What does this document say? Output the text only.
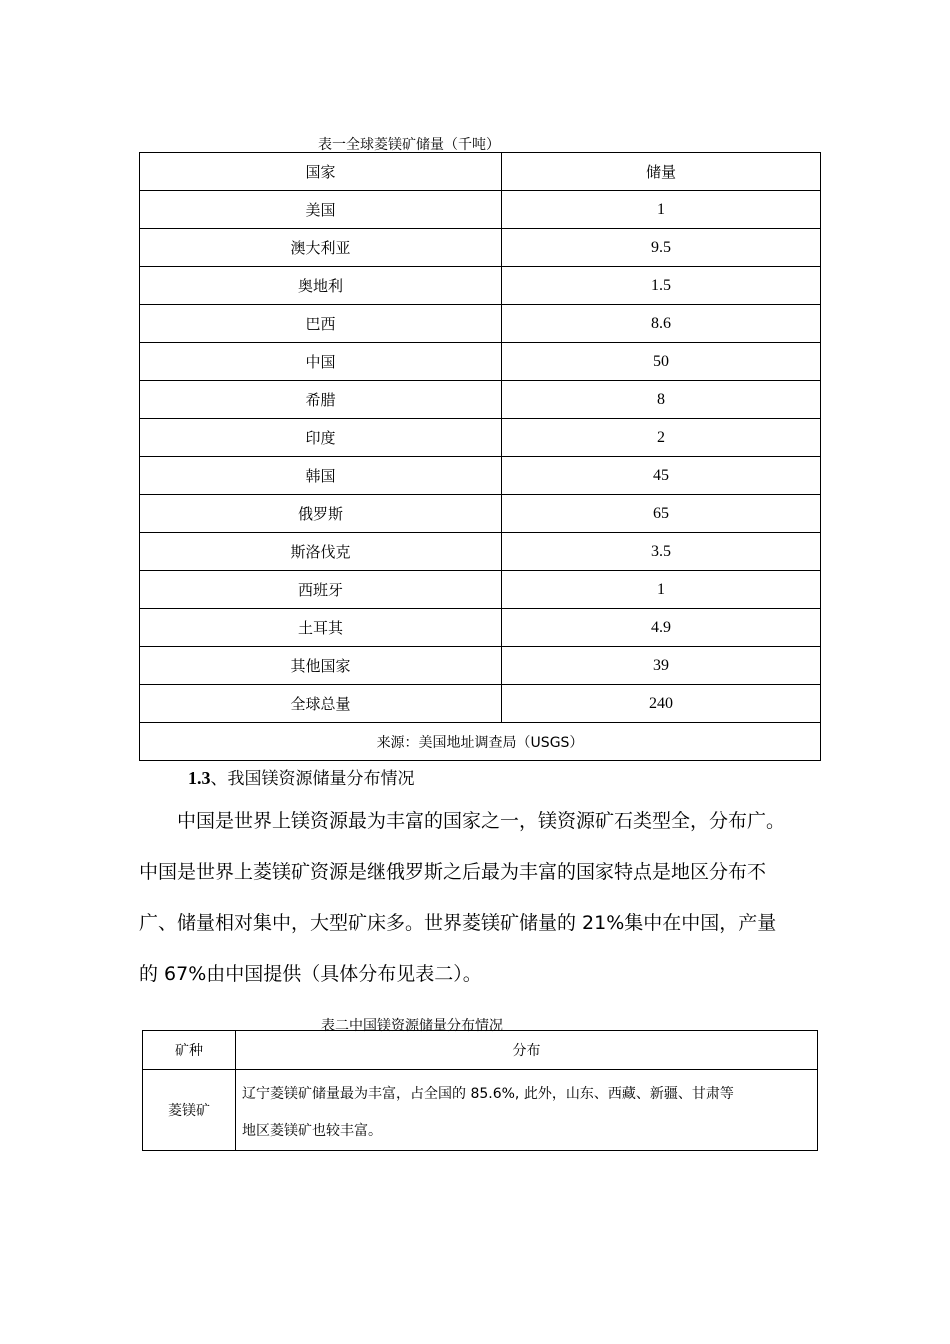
表一全球菱镁矿储量（千吨）
国家	储量
美国	1
澳大利亚	9.5
奥地利	1.5
巴西	8.6
中国	50
希腊	8
印度	2
韩国	45
俄罗斯	65
斯洛伐克	3.5
西班牙	1
土耳其	4.9
其他国家	39
全球总量	240
来源：美国地址调查局（USGS）	
1.3、我国镁资源储量分布情况

　　中国是世界上镁资源最为丰富的国家之一，镁资源矿石类型全，分布广。

中国是世界上菱镁矿资源是继俄罗斯之后最为丰富的国家特点是地区分布不

广、储量相对集中，大型矿床多。世界菱镁矿储量的 21%集中在中国，产量

的 67%由中国提供（具体分布见表二）。

表二中国镁资源储量分布情况
矿种	分布
菱镁矿	辽宁菱镁矿储量最为丰富，占全国的 85.6%, 此外，山东、西藏、新疆、甘肃等
地区菱镁矿也较丰富。
